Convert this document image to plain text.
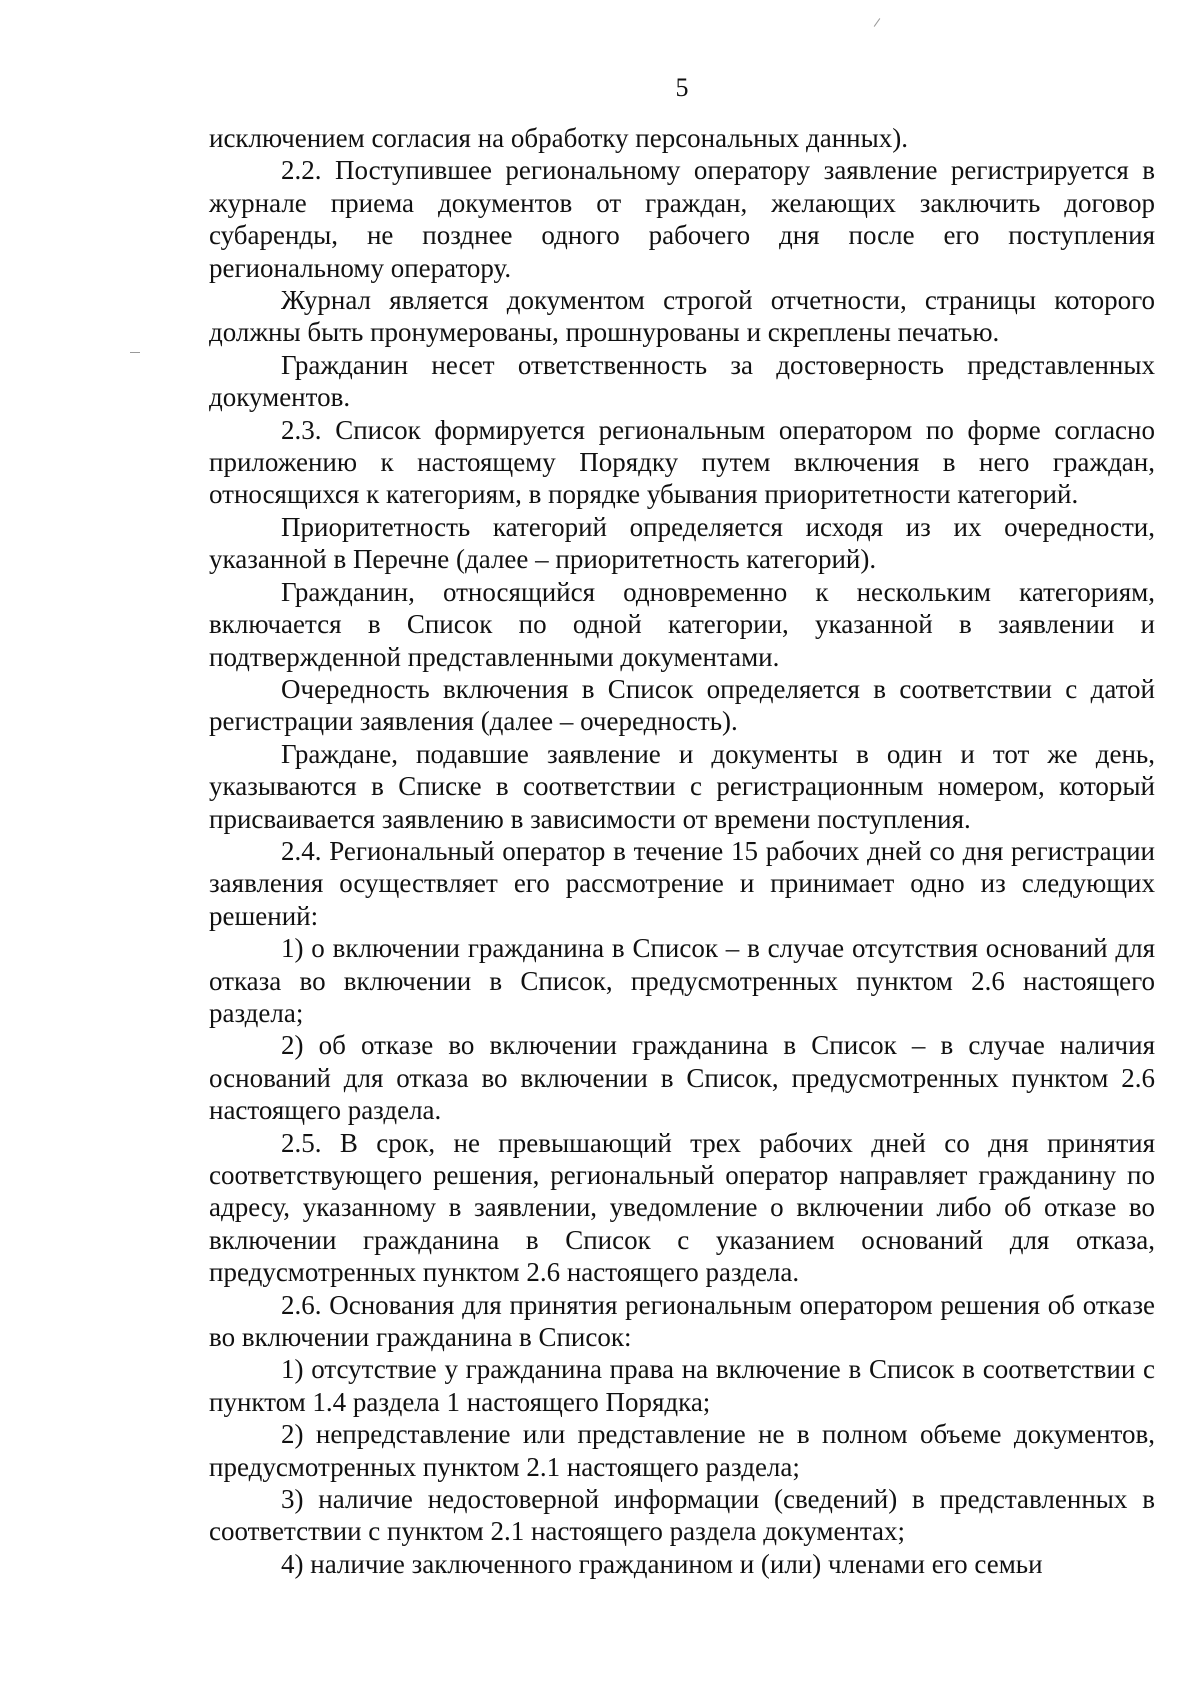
5

исключением согласия на обработку персональных данных).

2.2. Поступившее региональному оператору заявление регистрируется в журнале приема документов от граждан, желающих заключить договор субаренды, не позднее одного рабочего дня после его поступления региональному оператору.

Журнал является документом строгой отчетности, страницы которого должны быть пронумерованы, прошнурованы и скреплены печатью.

Гражданин несет ответственность за достоверность представленных документов.

2.3. Список формируется региональным оператором по форме согласно приложению к настоящему Порядку путем включения в него граждан, относящихся к категориям, в порядке убывания приоритетности категорий.

Приоритетность категорий определяется исходя из их очередности, указанной в Перечне (далее – приоритетность категорий).

Гражданин, относящийся одновременно к нескольким категориям, включается в Список по одной категории, указанной в заявлении и подтвержденной представленными документами.

Очередность включения в Список определяется в соответствии с датой регистрации заявления (далее – очередность).

Граждане, подавшие заявление и документы в один и тот же день, указываются в Списке в соответствии с регистрационным номером, который присваивается заявлению в зависимости от времени поступления.

2.4. Региональный оператор в течение 15 рабочих дней со дня регистрации заявления осуществляет его рассмотрение и принимает одно из следующих решений:

1) о включении гражданина в Список – в случае отсутствия оснований для отказа во включении в Список, предусмотренных пунктом 2.6 настоящего раздела;

2) об отказе во включении гражданина в Список – в случае наличия оснований для отказа во включении в Список, предусмотренных пунктом 2.6 настоящего раздела.

2.5. В срок, не превышающий трех рабочих дней со дня принятия соответствующего решения, региональный оператор направляет гражданину по адресу, указанному в заявлении, уведомление о включении либо об отказе во включении гражданина в Список с указанием оснований для отказа, предусмотренных пунктом 2.6 настоящего раздела.

2.6. Основания для принятия региональным оператором решения об отказе во включении гражданина в Список:

1) отсутствие у гражданина права на включение в Список в соответствии с пунктом 1.4 раздела 1 настоящего Порядка;

2) непредставление или представление не в полном объеме документов, предусмотренных пунктом 2.1 настоящего раздела;

3) наличие недостоверной информации (сведений) в представленных в соответствии с пунктом 2.1 настоящего раздела документах;

4) наличие заключенного гражданином и (или) членами его семьи
